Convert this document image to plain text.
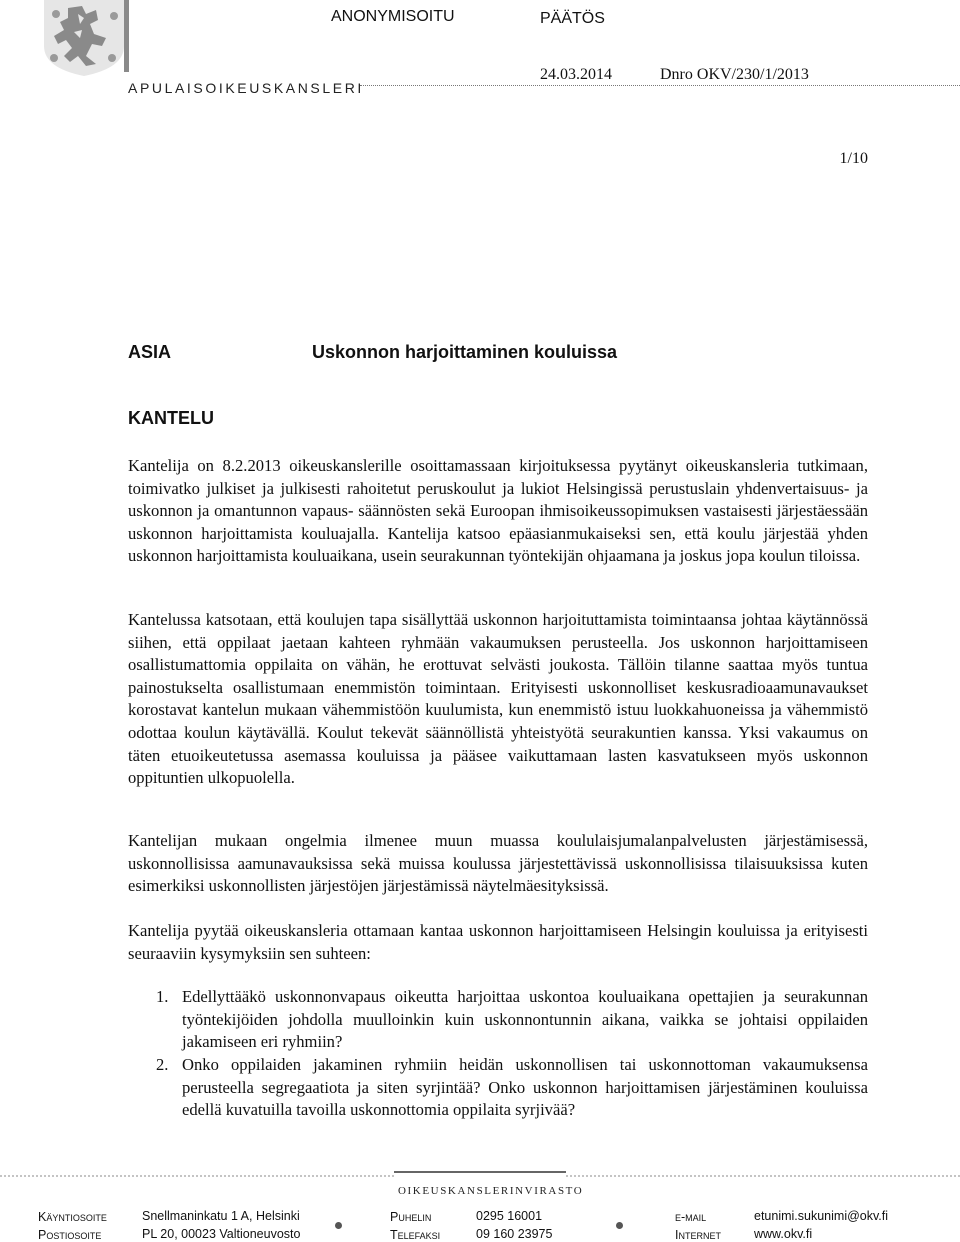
APULAISOIKEUSKANSLERI
ANONYMISOITU	PÄÄTÖS
24.03.2014	Dnro OKV/230/1/2013
1/10
ASIA	Uskonnon harjoittaminen kouluissa
KANTELU

Kantelija on 8.2.2013 oikeuskanslerille osoittamassaan kirjoituksessa pyytänyt oikeuskansleria tutkimaan, toimivatko julkiset ja julkisesti rahoitetut peruskoulut ja lukiot Helsingissä perustuslain yhdenvertaisuus- ja uskonnon ja omantunnon vapaus- säännösten sekä Euroopan ihmisoikeussopimuksen vastaisesti järjestäessään uskonnon harjoittamista kouluajalla. Kantelija katsoo epäasianmukaiseksi sen, että koulu järjestää yhden uskonnon harjoittamista kouluaikana, usein seurakunnan työntekijän ohjaamana ja joskus jopa koulun tiloissa.

Kantelussa katsotaan, että koulujen tapa sisällyttää uskonnon harjoituttamista toimintaansa johtaa käytännössä siihen, että oppilaat jaetaan kahteen ryhmään vakaumuksen perusteella. Jos uskonnon harjoittamiseen osallistumattomia oppilaita on vähän, he erottuvat selvästi joukosta. Tällöin tilanne saattaa myös tuntua painostukselta osallistumaan enemmistön toimintaan. Erityisesti uskonnolliset keskusradioaamunavaukset korostavat kantelun mukaan vähemmistöön kuulumista, kun enemmistö istuu luokkahuoneissa ja vähemmistö odottaa koulun käytävällä. Koulut tekevät säännöllistä yhteistyötä seurakuntien kanssa. Yksi vakaumus on täten etuoikeutetussa asemassa kouluissa ja pääsee vaikuttamaan lasten kasvatukseen myös uskonnon oppituntien ulkopuolella.

Kantelijan mukaan ongelmia ilmenee muun muassa koululaisjumalanpalvelusten järjestämisessä, uskonnollisissa aamunavauksissa sekä muissa koulussa järjestettävissä uskonnollisissa tilaisuuksissa kuten esimerkiksi uskonnollisten järjestöjen järjestämissä näytelmäesityksissä.

Kantelija pyytää oikeuskansleria ottamaan kantaa uskonnon harjoittamiseen Helsingin kouluissa ja erityisesti seuraaviin kysymyksiin sen suhteen:

1. Edellyttääkö uskonnonvapaus oikeutta harjoittaa uskontoa kouluaikana opettajien ja seurakunnan työntekijöiden johdolla muulloinkin kuin uskonnontunnin aikana, vaikka se johtaisi oppilaiden jakamiseen eri ryhmiin?
2. Onko oppilaiden jakaminen ryhmiin heidän uskonnollisen tai uskonnottoman vakaumuksensa perusteella segregaatiota ja siten syrjintää? Onko uskonnon harjoittamisen järjestäminen kouluissa edellä kuvatuilla tavoilla uskonnottomia oppilaita syrjivää?
OIKEUSKANSLERINVIRASTO
Käyntiosoite	Snellmaninkatu 1 A, Helsinki
Postiosoite	PL 20, 00023 Valtioneuvosto
Puhelin	0295 16001
Telefaksi	09 160 23975
e-mail	etunimi.sukunimi@okv.fi
Internet	www.okv.fi
